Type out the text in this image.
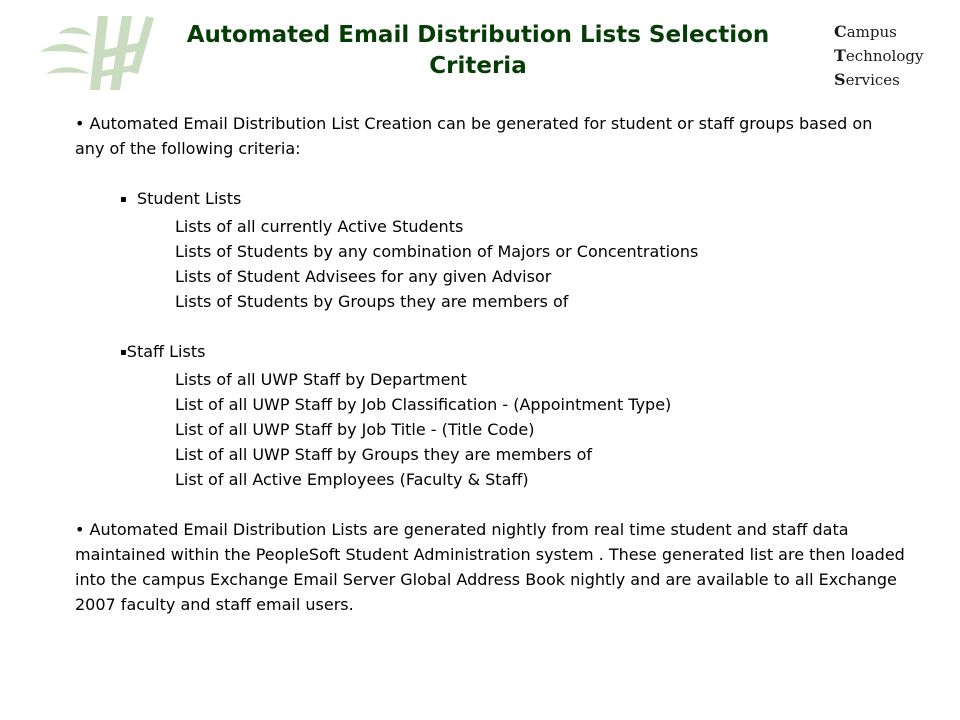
Automated Email Distribution Lists Selection Criteria
Campus
Technology
Services

• Automated Email Distribution List Creation can be generated for student or staff groups based on any of the following criteria:

▪ Student Lists
Lists of all currently Active Students
Lists of Students by any combination of Majors or Concentrations
Lists of Student Advisees for any given Advisor
Lists of Students by Groups they are members of
▪Staff Lists
Lists of all UWP Staff by Department
List of all UWP Staff by Job Classification - (Appointment Type)
List of all UWP Staff by Job Title - (Title Code)
List of all UWP Staff by Groups they are members of
List of all Active Employees (Faculty & Staff)

• Automated Email Distribution Lists are generated nightly from real time student and staff data maintained within the PeopleSoft Student Administration system . These generated list are then loaded into the campus Exchange Email Server Global Address Book nightly and are available to all Exchange 2007 faculty and staff email users.
